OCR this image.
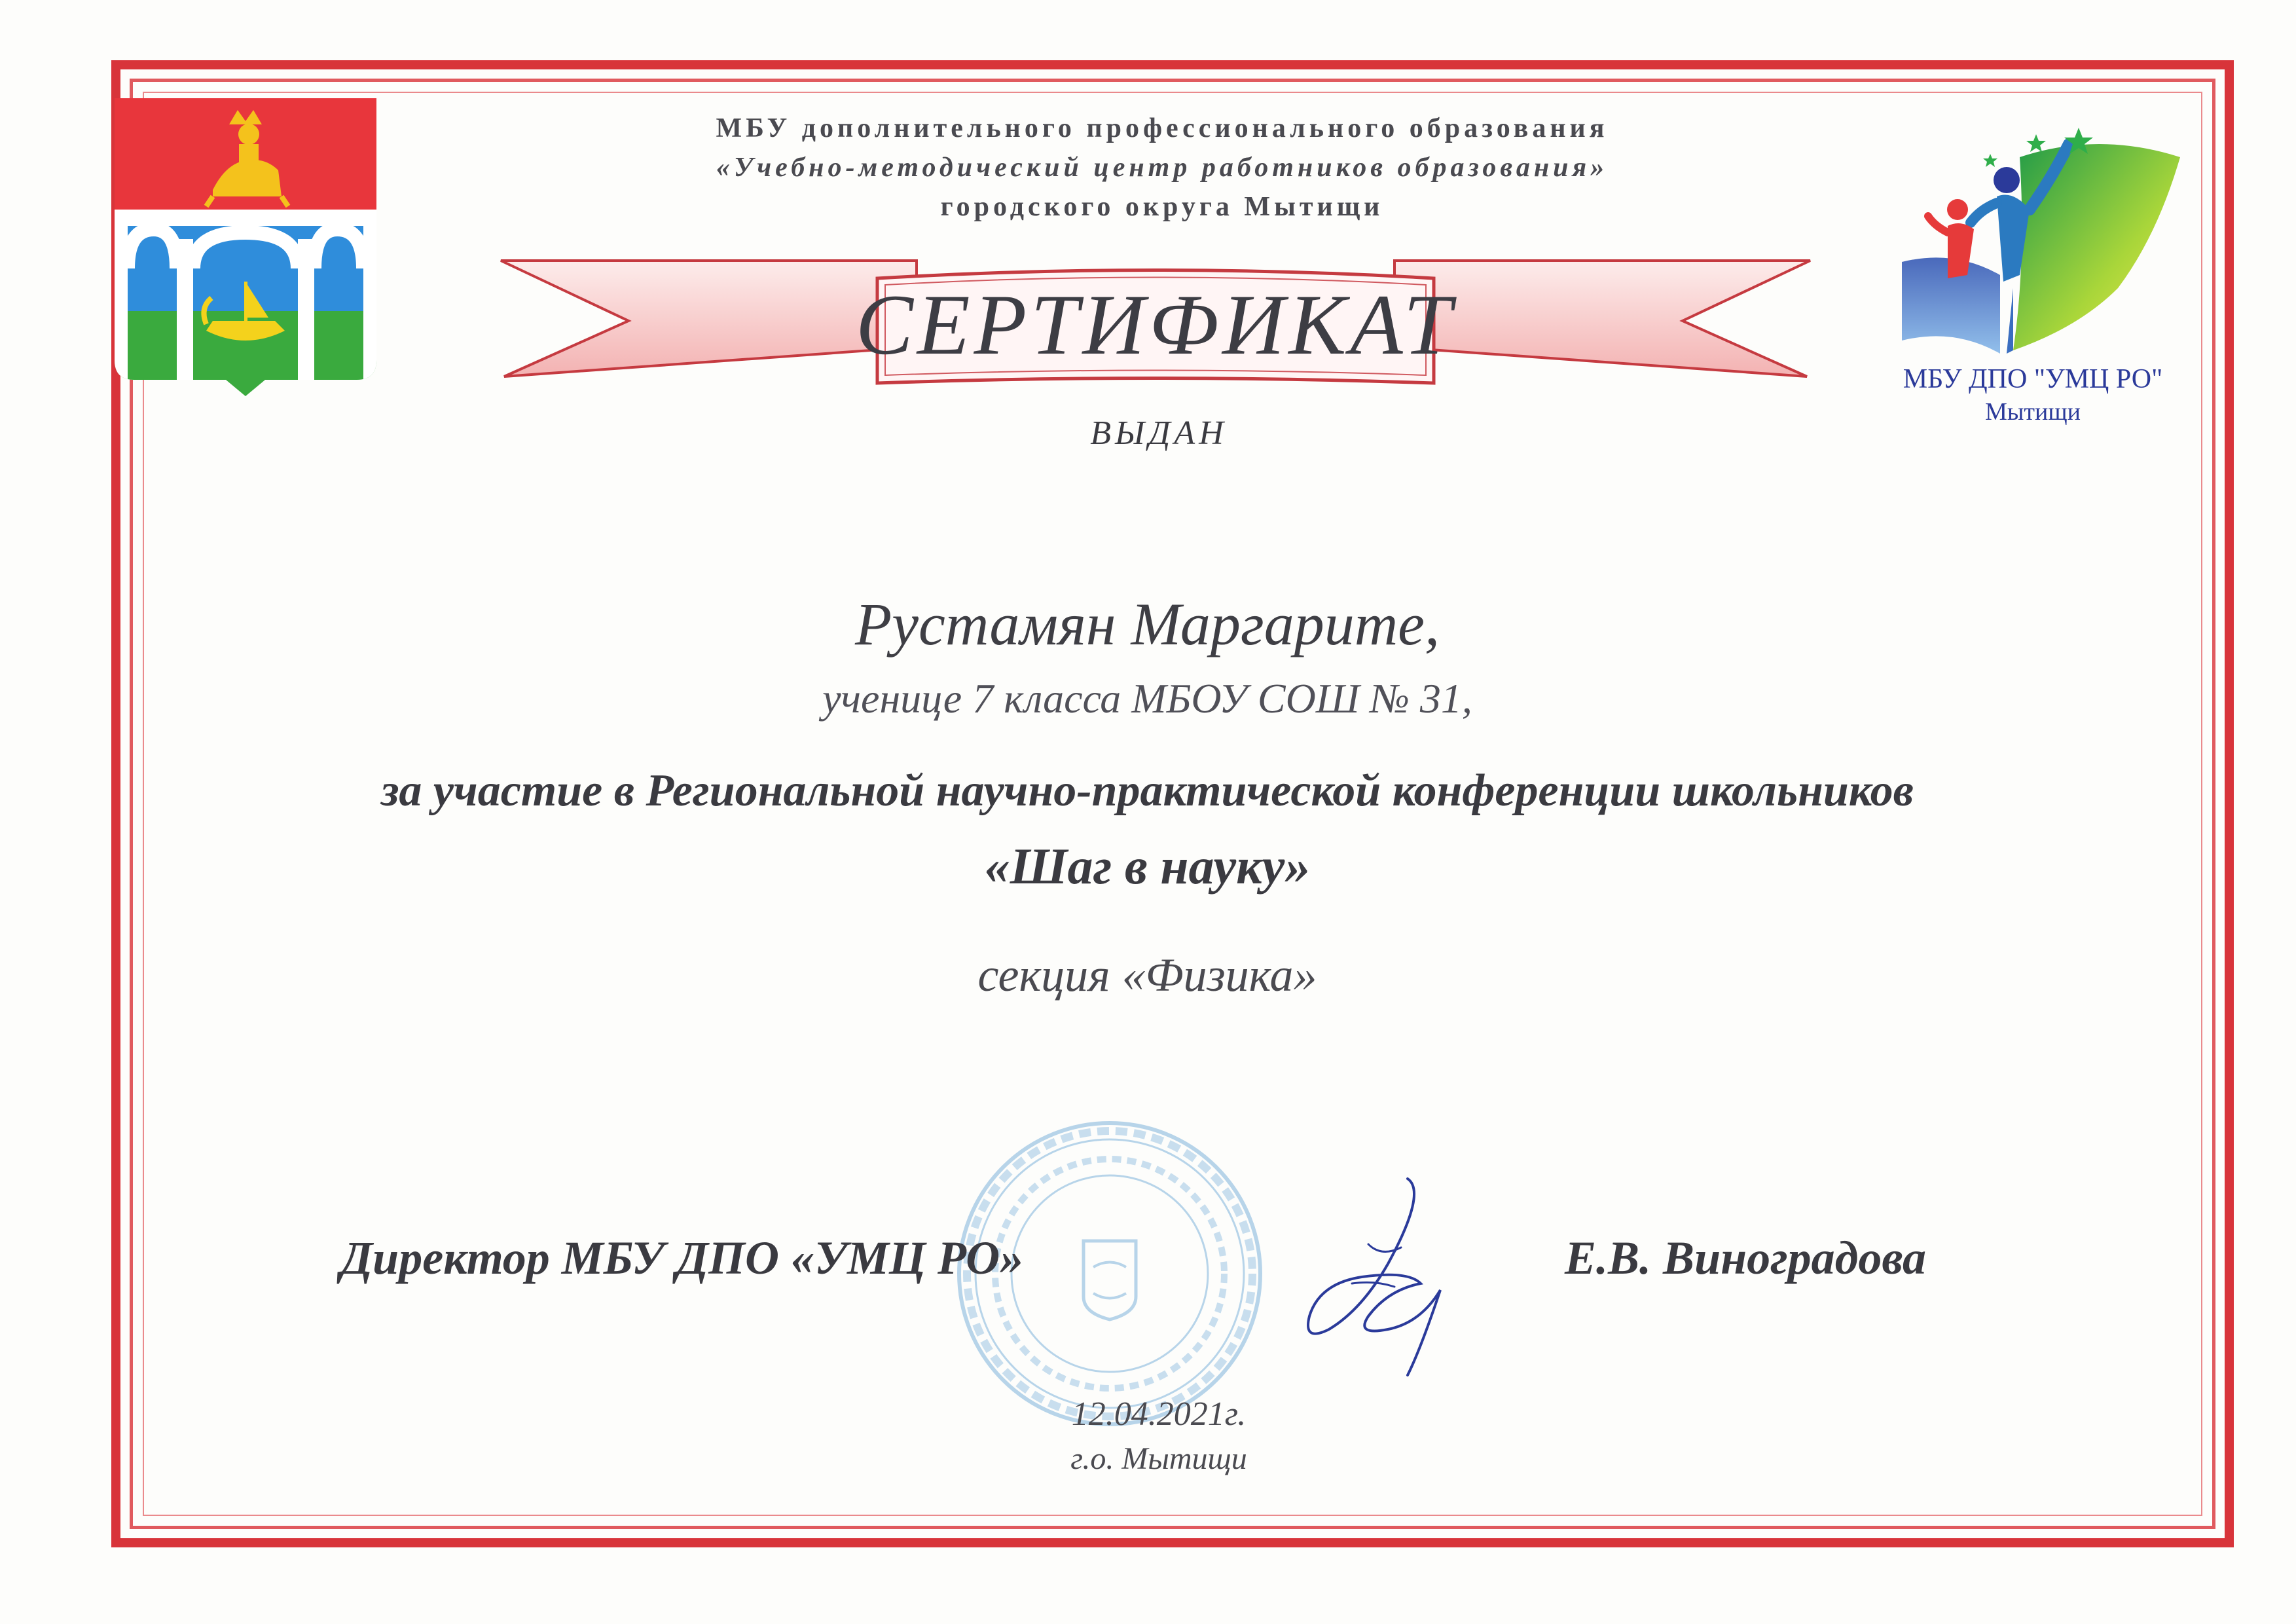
МБУ ДПО "УМЦ РО"
Мытищи
МБУ дополнительного профессионального образования
«Учебно-методический центр работников образования»
городского округа Мытищи
СЕРТИФИКАТ
ВЫДАН
Рустамян Маргарите,
ученице 7 класса МБОУ СОШ № 31,
за участие в Региональной научно-практической конференции школьников
«Шаг в науку»
секция «Физика»
Директор МБУ ДПО «УМЦ РО»	Е.В. Виноградова
12.04.2021г.
г.о. Мытищи
